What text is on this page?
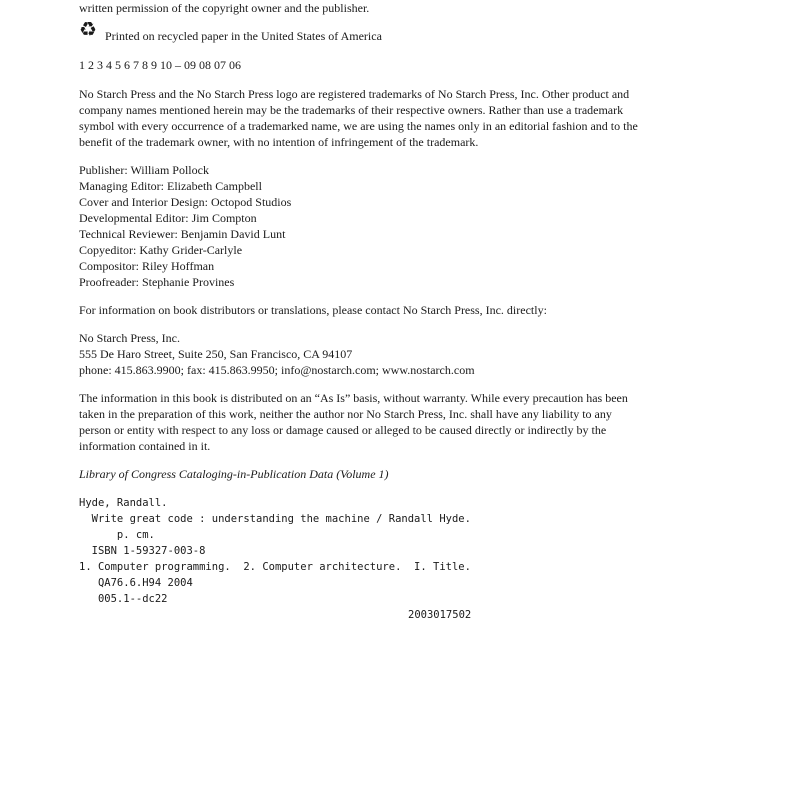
written permission of the copyright owner and the publisher.
♻ Printed on recycled paper in the United States of America
1 2 3 4 5 6 7 8 9 10 – 09 08 07 06
No Starch Press and the No Starch Press logo are registered trademarks of No Starch Press, Inc. Other product and
company names mentioned herein may be the trademarks of their respective owners. Rather than use a trademark
symbol with every occurrence of a trademarked name, we are using the names only in an editorial fashion and to the
benefit of the trademark owner, with no intention of infringement of the trademark.
Publisher: William Pollock
Managing Editor: Elizabeth Campbell
Cover and Interior Design: Octopod Studios
Developmental Editor: Jim Compton
Technical Reviewer: Benjamin David Lunt
Copyeditor: Kathy Grider-Carlyle
Compositor: Riley Hoffman
Proofreader: Stephanie Provines
For information on book distributors or translations, please contact No Starch Press, Inc. directly:
No Starch Press, Inc.
555 De Haro Street, Suite 250, San Francisco, CA 94107
phone: 415.863.9900; fax: 415.863.9950; info@nostarch.com; www.nostarch.com
The information in this book is distributed on an “As Is” basis, without warranty. While every precaution has been
taken in the preparation of this work, neither the author nor No Starch Press, Inc. shall have any liability to any
person or entity with respect to any loss or damage caused or alleged to be caused directly or indirectly by the
information contained in it.
Library of Congress Cataloging-in-Publication Data (Volume 1)
Hyde, Randall.
Write great code : understanding the machine / Randall Hyde.
p. cm.
ISBN 1-59327-003-8
1. Computer programming.  2. Computer architecture.  I. Title.
QA76.6.H94 2004
005.1--dc22
2003017502
